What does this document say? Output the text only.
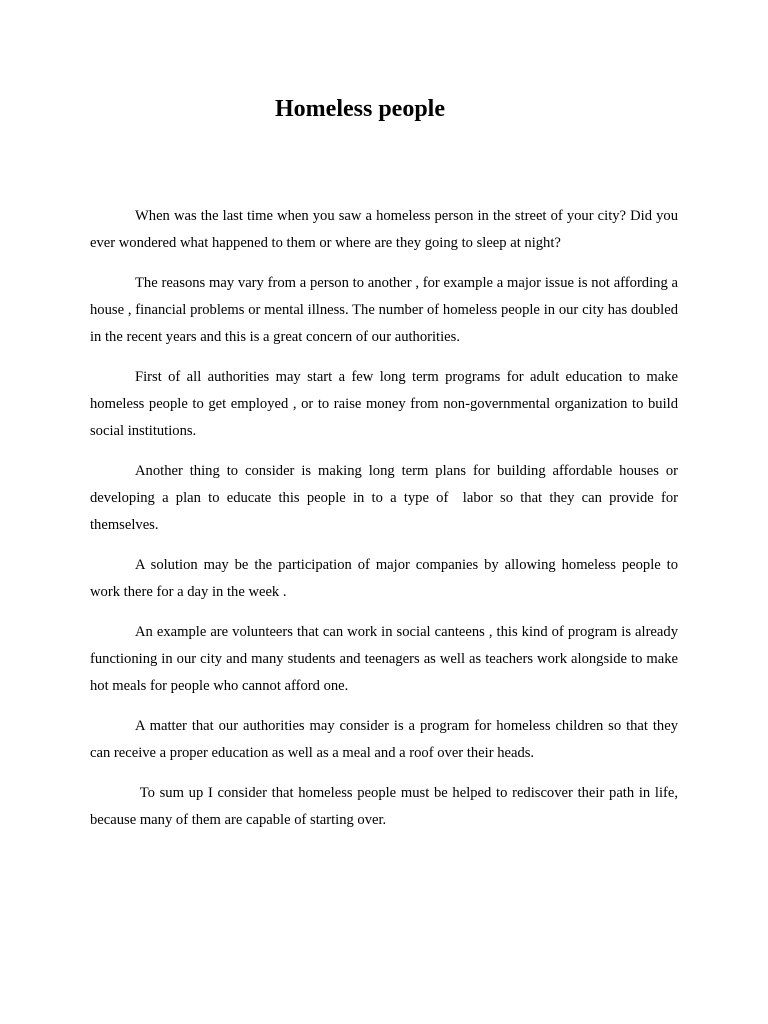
Homeless people

When was the last time when you saw a homeless person in the street of your city? Did you ever wondered what happened to them or where are they going to sleep at night?

The reasons may vary from a person to another , for example a major issue is not affording a house , financial problems or mental illness. The number of homeless people in our city has doubled in the recent years and this is a great concern of our authorities.

First of all authorities may start a few long term programs for adult education to make homeless people to get employed , or to raise money from non-governmental organization to build social institutions.

Another thing to consider is making long term plans for building affordable houses or developing a plan to educate this people in to a type of  labor so that they can provide for themselves.

A solution may be the participation of major companies by allowing homeless people to work there for a day in the week .

An example are volunteers that can work in social canteens , this kind of program is already functioning in our city and many students and teenagers as well as teachers work alongside to make hot meals for people who cannot afford one.

A matter that our authorities may consider is a program for homeless children so that they can receive a proper education as well as a meal and a roof over their heads.

To sum up I consider that homeless people must be helped to rediscover their path in life, because many of them are capable of starting over.
